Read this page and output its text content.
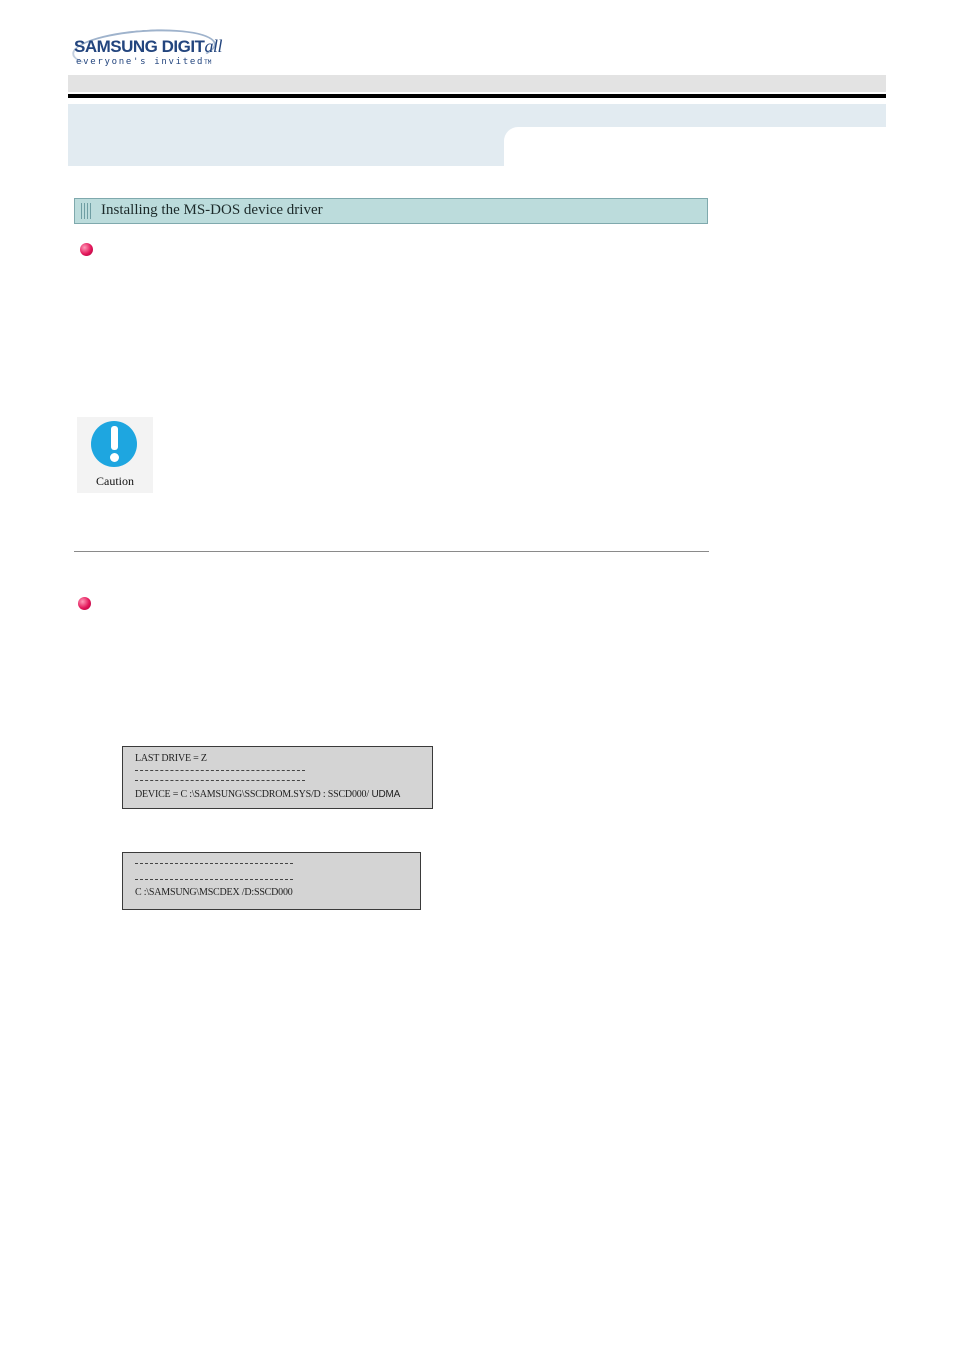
SAMSUNG DIGITall
everyone's invitedTM
Installing the MS-DOS device driver
Caution
LAST DRIVE = Z
DEVICE = C :\SAMSUNG\SSCDROM.SYS/D : SSCD000/ UDMA
C :\SAMSUNG\MSCDEX /D:SSCD000
